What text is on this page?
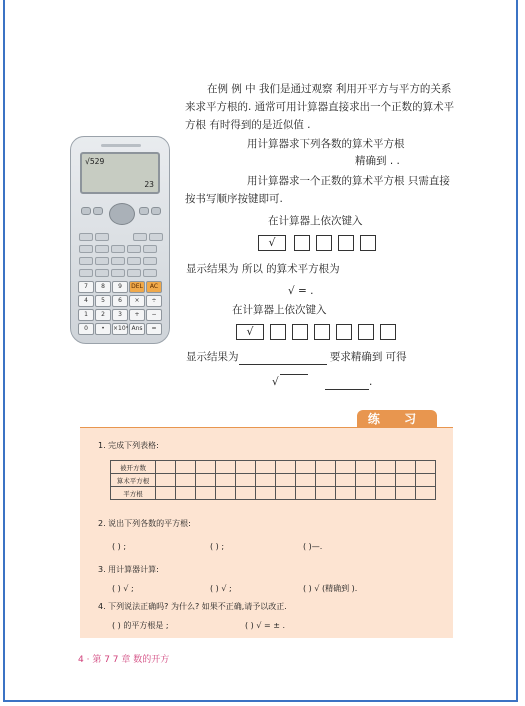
在例 例 中 我们是通过观察 利用开平方与平方的关系来求平方根的. 通常可用计算器直接求出一个正数的算术平方根 有时得到的是近似值 .
用计算器求下列各数的算术平方根
精确到 . .
用计算器求一个正数的算术平方根 只需直接按书写顺序按键即可.
√529
23
7	8	9	DEL	AC
4	5	6	×	÷
1	2	3	+	−
0	•	×10ˣ Ans	=
在计算器上依次键入
√
显示结果为 所以 的算术平方根为
√ = .
在计算器上依次键入
√
显示结果为	要求精确到 可得
√	.
练 习
1. 完成下列表格:
被开方数														
算术平方根														
平方根														
2. 说出下列各数的平方根:
( ) ;	( ) ;	( )—.
3. 用计算器计算:
( ) √ ;	( ) √ ;	( ) √ (精确到 ).
4. 下列说法正确吗? 为什么? 如果不正确,请予以改正.
( ) 的平方根是 ;	( ) √ = ± .
4 · 第 7 7 章 数的开方
